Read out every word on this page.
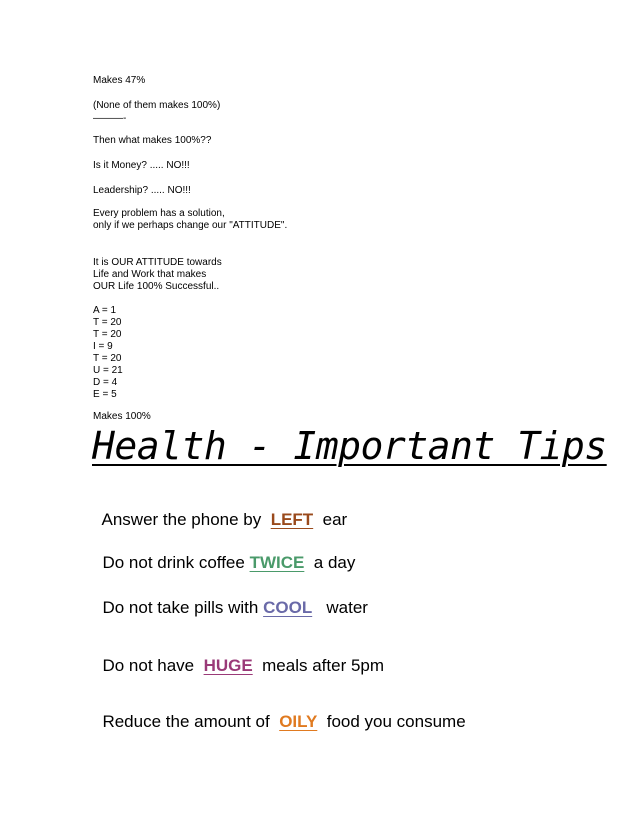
Makes 47%
(None of them makes 100%)
———-
Then what makes 100%??
Is it Money? ..... NO!!!
Leadership? ..... NO!!!
Every problem has a solution,
only if we perhaps change our "ATTITUDE".
It is OUR ATTITUDE towards
Life and Work that makes
OUR Life 100% Successful..
A = 1
T = 20
T = 20
I = 9
T = 20
U = 21
D = 4
E = 5
Makes 100%
Health - Important Tips

Answer the phone by  LEFT  ear

Do not drink coffee TWICE  a day

Do not take pills with COOL   water

Do not have  HUGE  meals after 5pm

Reduce the amount of  OILY  food you consume
